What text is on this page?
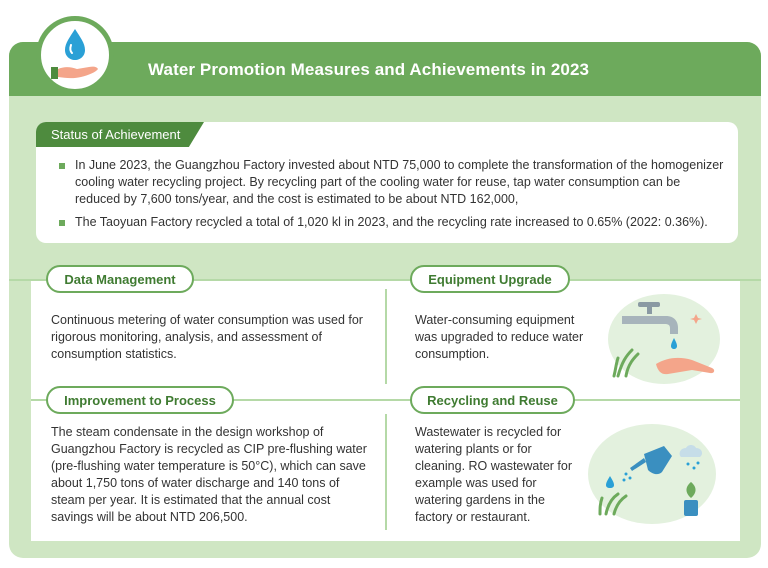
Water Promotion Measures and Achievements in 2023
Status of Achievement
In June 2023, the Guangzhou Factory invested about NTD 75,000 to complete the transformation of the homogenizer cooling water recycling project. By recycling part of the cooling water for reuse, tap water consumption can be reduced by 7,600 tons/year, and the cost is estimated to be about NTD 162,000,
The Taoyuan Factory recycled a total of 1,020 kl in 2023, and the recycling rate increased to 0.65% (2022: 0.36%).
Data Management
Continuous metering of water consumption was used for rigorous monitoring, analysis, and assessment of consumption statistics.
Equipment Upgrade
Water-consuming equipment was upgraded to reduce water consumption.
Improvement to Process
The steam condensate in the design workshop of Guangzhou Factory is recycled as CIP pre-flushing water (pre-flushing water temperature is 50°C), which can save about 1,750 tons of water discharge and 140 tons of steam per year. It is estimated that the annual cost savings will be about NTD 206,500.
Recycling and Reuse
Wastewater is recycled for watering plants or for cleaning. RO wastewater for example was used for watering gardens in the factory or restaurant.
